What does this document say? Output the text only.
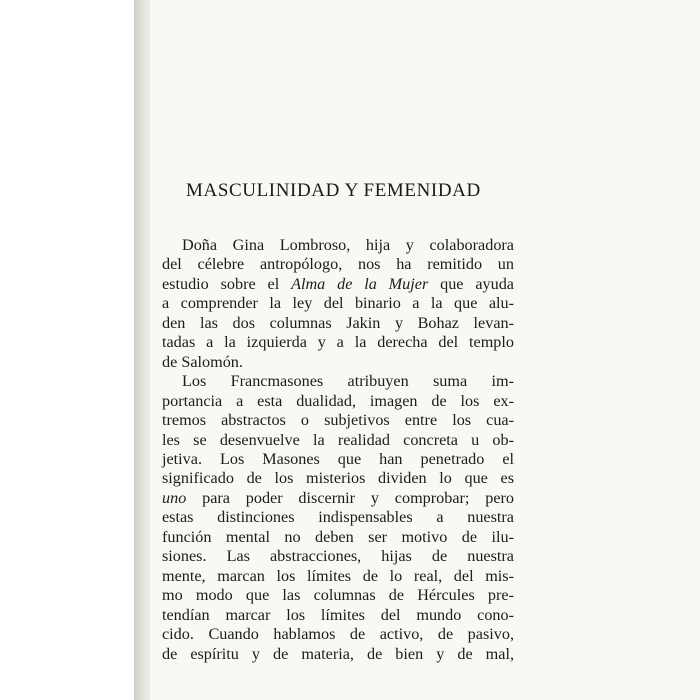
MASCULINIDAD Y FEMENIDAD
Doña Gina Lombroso, hija y colaboradora
del célebre antropólogo, nos ha remitido un
estudio sobre el Alma de la Mujer que ayuda
a comprender la ley del binario a la que alu-
den las dos columnas Jakin y Bohaz levan-
tadas a la izquierda y a la derecha del templo
de Salomón.
Los Francmasones atribuyen suma im-
portancia a esta dualidad, imagen de los ex-
tremos abstractos o subjetivos entre los cua-
les se desenvuelve la realidad concreta u ob-
jetiva. Los Masones que han penetrado el
significado de los misterios dividen lo que es
uno para poder discernir y comprobar; pero
estas distinciones indispensables a nuestra
función mental no deben ser motivo de ilu-
siones. Las abstracciones, hijas de nuestra
mente, marcan los límites de lo real, del mis-
mo modo que las columnas de Hércules pre-
tendían marcar los límites del mundo cono-
cido. Cuando hablamos de activo, de pasivo,
de espíritu y de materia, de bien y de mal,
